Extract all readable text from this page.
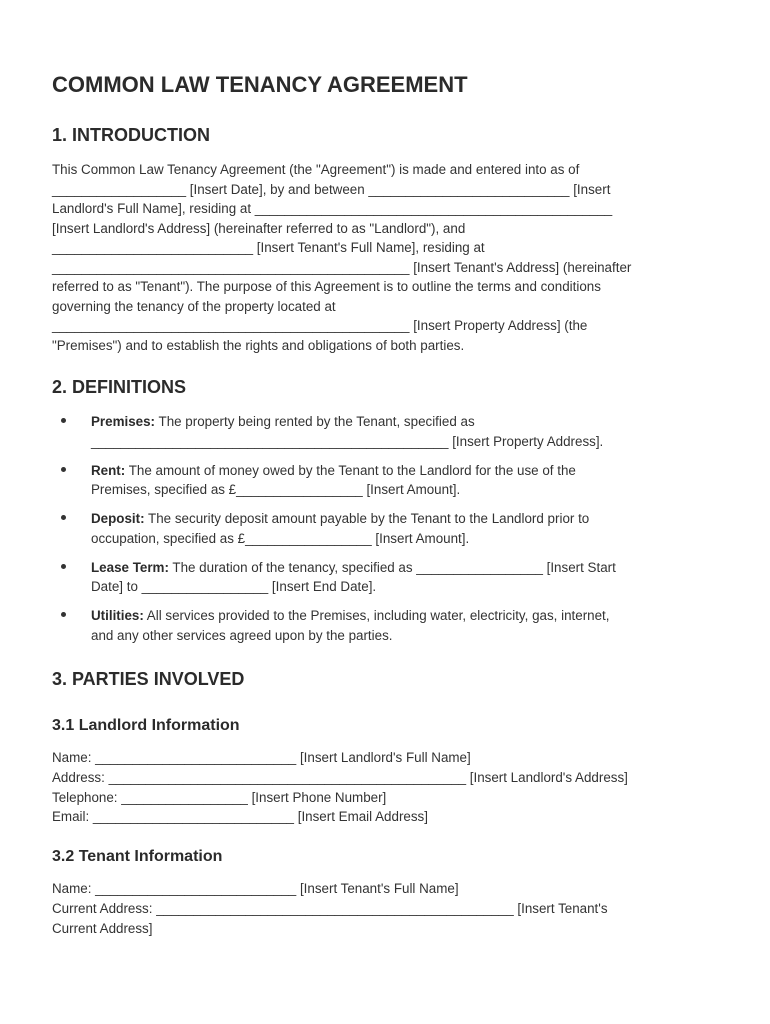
COMMON LAW TENANCY AGREEMENT
1. INTRODUCTION

This Common Law Tenancy Agreement (the "Agreement") is made and entered into as of
__________________ [Insert Date], by and between ___________________________ [Insert
Landlord's Full Name], residing at ________________________________________________
[Insert Landlord's Address] (hereinafter referred to as "Landlord"), and
___________________________ [Insert Tenant's Full Name], residing at
________________________________________________ [Insert Tenant's Address] (hereinafter
referred to as "Tenant"). The purpose of this Agreement is to outline the terms and conditions
governing the tenancy of the property located at
________________________________________________ [Insert Property Address] (the
"Premises") and to establish the rights and obligations of both parties.

2. DEFINITIONS
Premises: The property being rented by the Tenant, specified as
________________________________________________ [Insert Property Address].
Rent: The amount of money owed by the Tenant to the Landlord for the use of the
Premises, specified as £_________________ [Insert Amount].
Deposit: The security deposit amount payable by the Tenant to the Landlord prior to
occupation, specified as £_________________ [Insert Amount].
Lease Term: The duration of the tenancy, specified as _________________ [Insert Start
Date] to _________________ [Insert End Date].
Utilities: All services provided to the Premises, including water, electricity, gas, internet,
and any other services agreed upon by the parties.
3. PARTIES INVOLVED
3.1 Landlord Information

Name: ___________________________ [Insert Landlord's Full Name]
Address: ________________________________________________ [Insert Landlord's Address]
Telephone: _________________ [Insert Phone Number]
Email: ___________________________ [Insert Email Address]

3.2 Tenant Information

Name: ___________________________ [Insert Tenant's Full Name]
Current Address: ________________________________________________ [Insert Tenant's
Current Address]
